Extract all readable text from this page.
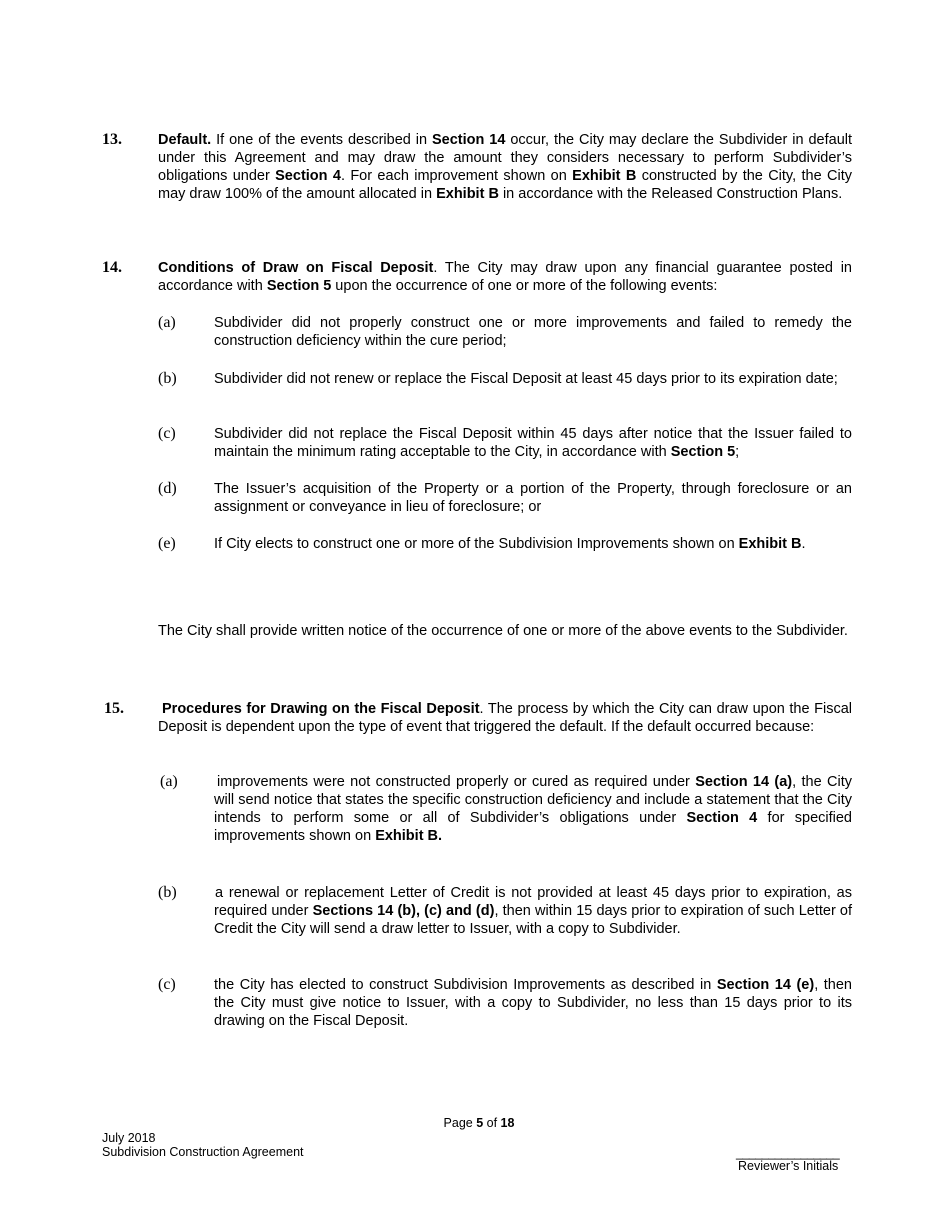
13. Default. If one of the events described in Section 14 occur, the City may declare the Subdivider in default under this Agreement and may draw the amount they considers necessary to perform Subdivider’s obligations under Section 4. For each improvement shown on Exhibit B constructed by the City, the City may draw 100% of the amount allocated in Exhibit B in accordance with the Released Construction Plans.
14. Conditions of Draw on Fiscal Deposit. The City may draw upon any financial guarantee posted in accordance with Section 5 upon the occurrence of one or more of the following events:
(a)	Subdivider did not properly construct one or more improvements and failed to remedy the construction deficiency within the cure period;
(b)	Subdivider did not renew or replace the Fiscal Deposit at least 45 days prior to its expiration date;
(c)	Subdivider did not replace the Fiscal Deposit within 45 days after notice that the Issuer failed to maintain the minimum rating acceptable to the City, in accordance with Section 5;
(d)	The Issuer’s acquisition of the Property or a portion of the Property, through foreclosure or an assignment or conveyance in lieu of foreclosure; or
(e)	If City elects to construct one or more of the Subdivision Improvements shown on Exhibit B.
The City shall provide written notice of the occurrence of one or more of the above events to the Subdivider.
15.	Procedures for Drawing on the Fiscal Deposit. The process by which the City can draw upon the Fiscal Deposit is dependent upon the type of event that triggered the default. If the default occurred because:
(a)	improvements were not constructed properly or cured as required under Section 14 (a), the City will send notice that states the specific construction deficiency and include a statement that the City intends to perform some or all of Subdivider’s obligations under Section 4 for specified improvements shown on Exhibit B.
(b)	a renewal or replacement Letter of Credit is not provided at least 45 days prior to expiration, as required under Sections 14 (b), (c) and (d), then within 15 days prior to expiration of such Letter of Credit the City will send a draw letter to Issuer, with a copy to Subdivider.
(c)	the City has elected to construct Subdivision Improvements as described in Section 14 (e), then the City must give notice to Issuer, with a copy to Subdivider, no less than 15 days prior to its drawing on the Fiscal Deposit.
Page 5 of 18
July 2018
Subdivision Construction Agreement	________________
Reviewer’s Initials
